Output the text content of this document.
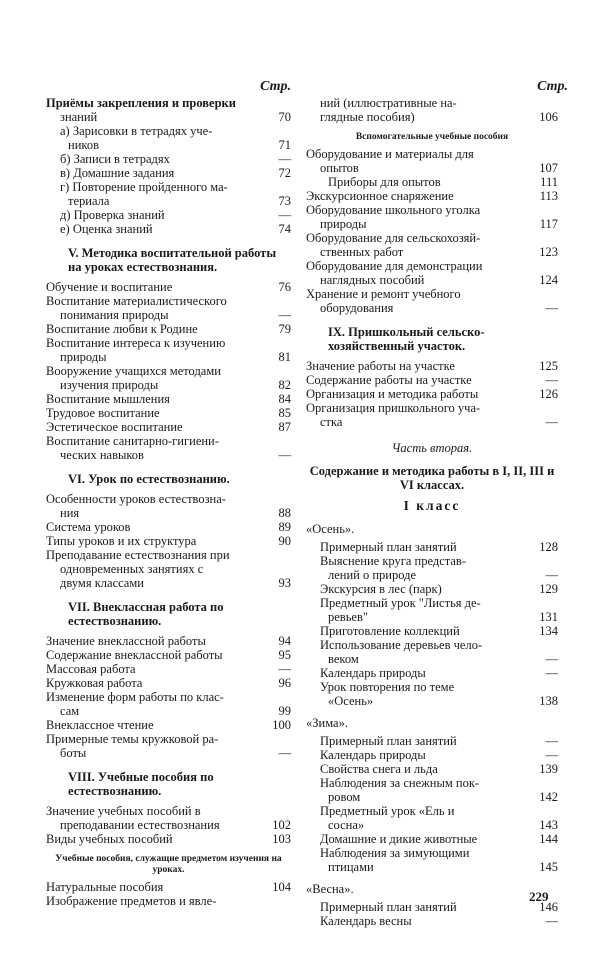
Стр.
Приёмы закрепления и проверки
знаний	70
а) Зарисовки в тетрадях уче-
ников	71
б) Записи в тетрадях	—
в) Домашние задания	72
г) Повторение пройденного ма-
териала	73
д) Проверка знаний	—
е) Оценка знаний	74
V. Методика воспитательной работы на уроках естествознания.
Обучение и воспитание	76
Воспитание материалистического
понимания природы	—
Воспитание любви к Родине	79
Воспитание интереса к изучению
природы	81
Вооружение учащихся методами
изучения природы	82
Воспитание мышления	84
Трудовое воспитание	85
Эстетическое воспитание	87
Воспитание санитарно-гигиени-
ческих навыков	—
VI. Урок по естествознанию.
Особенности уроков естествозна-
ния	88
Система уроков	89
Типы уроков и их структура	90
Преподавание естествознания при
одновременных занятиях с
двумя классами	93
VII. Внеклассная работа по естествознанию.
Значение внеклассной работы	94
Содержание внеклассной работы	95
Массовая работа	—
Кружковая работа	96
Изменение форм работы по клас-
сам	99
Внеклассное чтение	100
Примерные темы кружковой ра-
боты	—
VIII. Учебные пособия по естествознанию.
Значение учебных пособий в
преподавании естествознания	102
Виды учебных пособий	103
Учебные пособия, служащие предметом изучения на уроках.
Натуральные пособия	104
Изображение предметов и явле-
Стр.
ний (иллюстративные на-
глядные пособия)	106
Вспомогательные учебные пособия
Оборудование и материалы для
опытов	107
Приборы для опытов	111
Экскурсионное снаряжение	113
Оборудование школьного уголка
природы	117
Оборудование для сельскохозяй-
ственных работ	123
Оборудование для демонстрации
наглядных пособий	124
Хранение и ремонт учебного
оборудования	—
IX. Пришкольный сельско-хозяйственный участок.
Значение работы на участке	125
Содержание работы на участке	—
Организация и методика работы	126
Организация пришкольного уча-
стка	—
Часть вторая.
Содержание и методика работы в I, II, III и VI классах.
I класс
«Осень».
Примерный план занятий	128
Выяснение круга представ-
лений о природе	—
Экскурсия в лес (парк)	129
Предметный урок "Листья де-
ревьев"	131
Приготовление коллекций	134
Использование деревьев чело-
веком	—
Календарь природы	—
Урок повторения по теме
«Осень»	138
«Зима».
Примерный план занятий	—
Календарь природы	—
Свойства снега и льда	139
Наблюдения за снежным пок-
ровом	142
Предметный урок «Ель и
сосна»	143
Домашние и дикие животные	144
Наблюдения за зимующими
птицами	145
«Весна».
Примерный план занятий	146
Календарь весны	—
229
